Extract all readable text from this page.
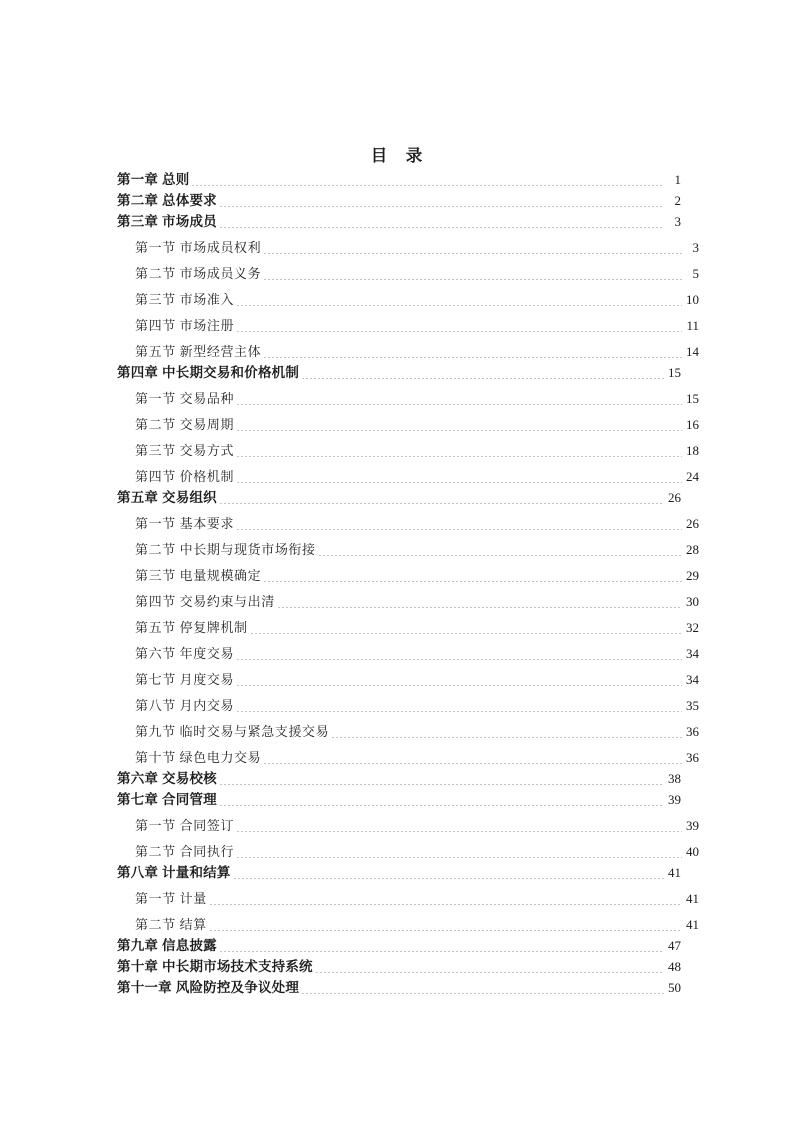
目　录
第一章 总则	1
第二章 总体要求	2
第三章 市场成员	3
第一节 市场成员权利	3
第二节 市场成员义务	5
第三节 市场准入	10
第四节 市场注册	11
第五节 新型经营主体	14
第四章 中长期交易和价格机制	15
第一节 交易品种	15
第二节 交易周期	16
第三节 交易方式	18
第四节 价格机制	24
第五章 交易组织	26
第一节 基本要求	26
第二节 中长期与现货市场衔接	28
第三节 电量规模确定	29
第四节 交易约束与出清	30
第五节 停复牌机制	32
第六节 年度交易	34
第七节 月度交易	34
第八节 月内交易	35
第九节 临时交易与紧急支援交易	36
第十节 绿色电力交易	36
第六章 交易校核	38
第七章 合同管理	39
第一节 合同签订	39
第二节 合同执行	40
第八章 计量和结算	41
第一节 计量	41
第二节 结算	41
第九章 信息披露	47
第十章 中长期市场技术支持系统	48
第十一章 风险防控及争议处理	50
